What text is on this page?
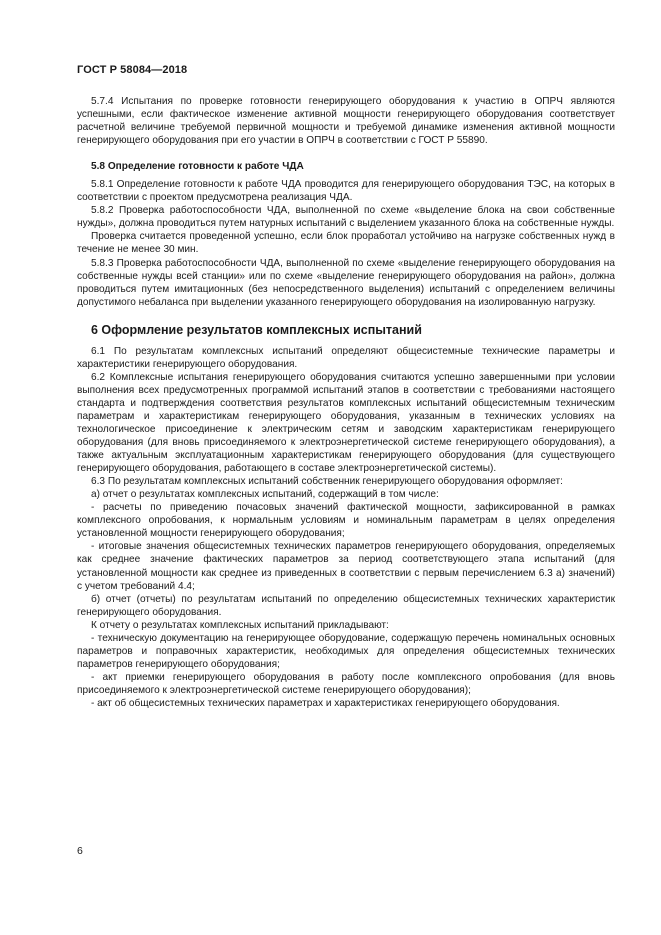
ГОСТ Р 58084—2018

5.7.4 Испытания по проверке готовности генерирующего оборудования к участию в ОПРЧ являются успешными, если фактическое изменение активной мощности генерирующего оборудования соответствует расчетной величине требуемой первичной мощности и требуемой динамике изменения активной мощности генерирующего оборудования при его участии в ОПРЧ в соответствии с ГОСТ Р 55890.

5.8 Определение готовности к работе ЧДА

5.8.1 Определение готовности к работе ЧДА проводится для генерирующего оборудования ТЭС, на которых в соответствии с проектом предусмотрена реализация ЧДА.

5.8.2 Проверка работоспособности ЧДА, выполненной по схеме «выделение блока на свои собственные нужды», должна проводиться путем натурных испытаний с выделением указанного блока на собственные нужды.

Проверка считается проведенной успешно, если блок проработал устойчиво на нагрузке собственных нужд в течение не менее 30 мин.

5.8.3 Проверка работоспособности ЧДА, выполненной по схеме «выделение генерирующего оборудования на собственные нужды всей станции» или по схеме «выделение генерирующего оборудования на район», должна проводиться путем имитационных (без непосредственного выделения) испытаний с определением величины допустимого небаланса при выделении указанного генерирующего оборудования на изолированную нагрузку.

6 Оформление результатов комплексных испытаний

6.1 По результатам комплексных испытаний определяют общесистемные технические параметры и характеристики генерирующего оборудования.

6.2 Комплексные испытания генерирующего оборудования считаются успешно завершенными при условии выполнения всех предусмотренных программой испытаний этапов в соответствии с требованиями настоящего стандарта и подтверждения соответствия результатов комплексных испытаний общесистемным техническим параметрам и характеристикам генерирующего оборудования, указанным в технических условиях на технологическое присоединение к электрическим сетям и заводским характеристикам генерирующего оборудования (для вновь присоединяемого к электроэнергетической системе генерирующего оборудования), а также актуальным эксплуатационным характеристикам генерирующего оборудования (для существующего генерирующего оборудования, работающего в составе электроэнергетической системы).

6.3 По результатам комплексных испытаний собственник генерирующего оборудования оформляет:

а) отчет о результатах комплексных испытаний, содержащий в том числе:

- расчеты по приведению почасовых значений фактической мощности, зафиксированной в рамках комплексного опробования, к нормальным условиям и номинальным параметрам в целях определения установленной мощности генерирующего оборудования;

- итоговые значения общесистемных технических параметров генерирующего оборудования, определяемых как среднее значение фактических параметров за период соответствующего этапа испытаний (для установленной мощности как среднее из приведенных в соответствии с первым перечислением 6.3 а) значений) с учетом требований 4.4;

б) отчет (отчеты) по результатам испытаний по определению общесистемных технических характеристик генерирующего оборудования.

К отчету о результатах комплексных испытаний прикладывают:

- техническую документацию на генерирующее оборудование, содержащую перечень номинальных основных параметров и поправочных характеристик, необходимых для определения общесистемных технических параметров генерирующего оборудования;

- акт приемки генерирующего оборудования в работу после комплексного опробования (для вновь присоединяемого к электроэнергетической системе генерирующего оборудования);

- акт об общесистемных технических параметрах и характеристиках генерирующего оборудования.

6
